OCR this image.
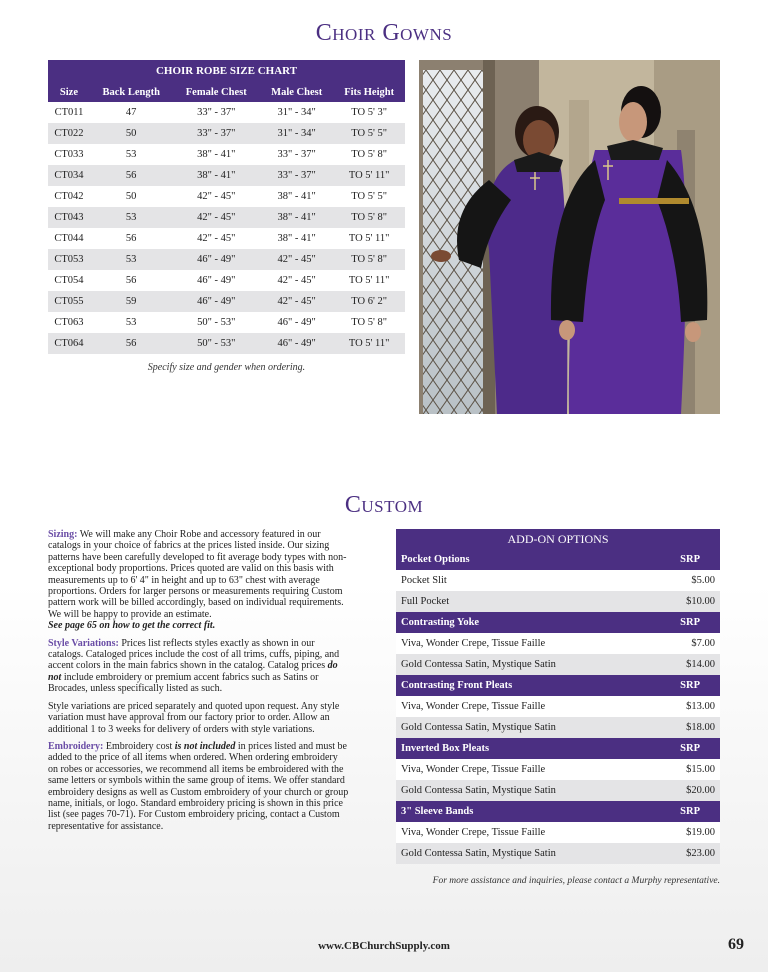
Choir Gowns
CHOIR ROBE SIZE CHART				
Size	Back Length	Female Chest	Male Chest	Fits Height
CT011	47	33" - 37"	31" - 34"	TO 5' 3"
CT022	50	33" - 37"	31" - 34"	TO 5' 5"
CT033	53	38" - 41"	33" - 37"	TO 5' 8"
CT034	56	38" - 41"	33" - 37"	TO 5' 11"
CT042	50	42" - 45"	38" - 41"	TO 5' 5"
CT043	53	42" - 45"	38" - 41"	TO 5' 8"
CT044	56	42" - 45"	38" - 41"	TO 5' 11"
CT053	53	46" - 49"	42" - 45"	TO 5' 8"
CT054	56	46" - 49"	42" - 45"	TO 5' 11"
CT055	59	46" - 49"	42" - 45"	TO 6' 2"
CT063	53	50" - 53"	46" - 49"	TO 5' 8"
CT064	56	50" - 53"	46" - 49"	TO 5' 11"
Specify size and gender when ordering.
Custom

Sizing: We will make any Choir Robe and accessory featured in our catalogs in your choice of fabrics at the prices listed inside. Our sizing patterns have been carefully developed to fit average body types with non-exceptional body proportions. Prices quoted are valid on this basis with measurements up to 6' 4" in height and up to 63" chest with average proportions. Orders for larger persons or measurements requiring Custom pattern work will be billed accordingly, based on individual requirements. We will be happy to provide an estimate.
See page 65 on how to get the correct fit.

Style Variations: Prices list reflects styles exactly as shown in our catalogs. Cataloged prices include the cost of all trims, cuffs, piping, and accent colors in the main fabrics shown in the catalog. Catalog prices do not include embroidery or premium accent fabrics such as Satins or Brocades, unless specifically listed as such.

Style variations are priced separately and quoted upon request. Any style variation must have approval from our factory prior to order. Allow an additional 1 to 3 weeks for delivery of orders with style variations.

Embroidery: Embroidery cost is not included in prices listed and must be added to the price of all items when ordered. When ordering embroidery on robes or accessories, we recommend all items be embroidered with the same letters or symbols within the same group of items. We offer standard embroidery designs as well as Custom embroidery of your church or group name, initials, or logo. Standard embroidery pricing is shown in this price list (see pages 70-71). For Custom embroidery pricing, contact a Custom representative for assistance.

ADD-ON OPTIONS	
Pocket Options	SRP
Pocket Slit	$5.00
Full Pocket	$10.00
Contrasting Yoke	SRP
Viva, Wonder Crepe, Tissue Faille	$7.00
Gold Contessa Satin, Mystique Satin	$14.00
Contrasting Front Pleats	SRP
Viva, Wonder Crepe, Tissue Faille	$13.00
Gold Contessa Satin, Mystique Satin	$18.00
Inverted Box Pleats	SRP
Viva, Wonder Crepe, Tissue Faille	$15.00
Gold Contessa Satin, Mystique Satin	$20.00
3" Sleeve Bands	SRP
Viva, Wonder Crepe, Tissue Faille	$19.00
Gold Contessa Satin, Mystique Satin	$23.00
For more assistance and inquiries, please contact a Murphy representative.
www.CBChurchSupply.com	69
